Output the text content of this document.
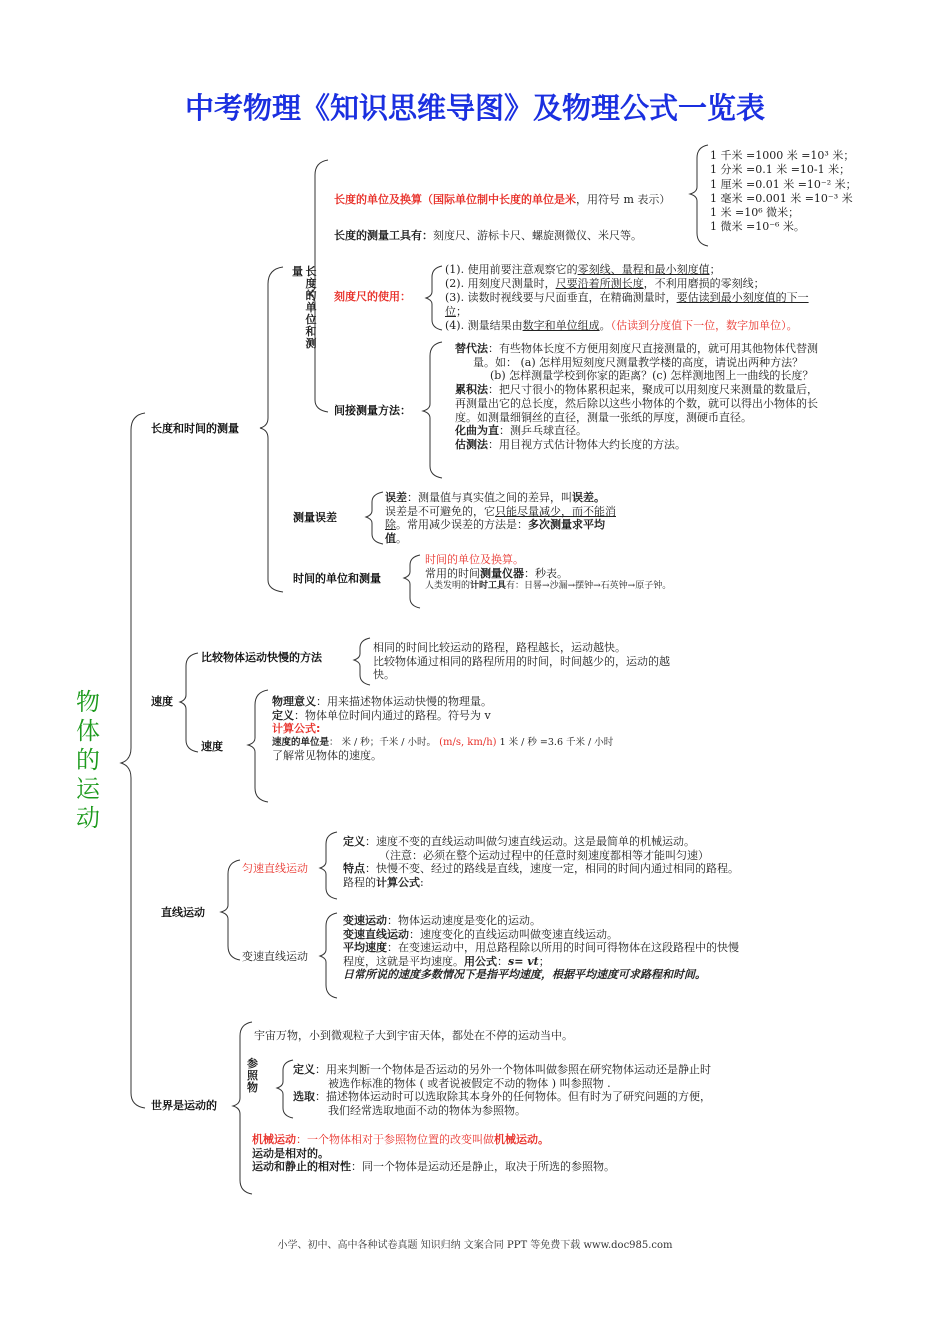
中考物理《知识思维导图》及物理公式一览表
物
体
的
运
动
长度和时间的测量
量 长度的单位和测
长度的单位及换算（国际单位制中长度的单位是米，用符号 m 表示）
长度的测量工具有：刻度尺、游标卡尺、螺旋测微仪、米尺等。
1 千米 =1000 米 =10³ 米；
1 分米 =0.1 米 =10-1 米；
1 厘米 =0.01 米 =10⁻² 米；
1 毫米 =0.001 米 =10⁻³ 米
1 米 =10⁶ 微米；
1 微米 =10⁻⁶ 米。
刻度尺的使用：
(1). 使用前要注意观察它的零刻线、量程和最小刻度值；
(2). 用刻度尺测量时，尺要沿着所测长度，不利用磨损的零刻线；
(3). 读数时视线要与尺面垂直，在精确测量时，要估读到最小刻度值的下一
位；
(4). 测量结果由数字和单位组成。（估读到分度值下一位，数字加单位）。
间接测量方法：
替代法：有些物体长度不方便用刻度尺直接测量的，就可用其他物体代替测
量。如： (a) 怎样用短刻度尺测量教学楼的高度，请说出两种方法？
(b) 怎样测量学校到你家的距离？(c) 怎样测地图上一曲线的长度？
累积法：把尺寸很小的物体累积起来，聚成可以用刻度尺来测量的数量后，
再测量出它的总长度，然后除以这些小物体的个数，就可以得出小物体的长
度。如测量细铜丝的直径，测量一张纸的厚度，测硬币直径。
化曲为直：测乒乓球直径。
估测法：用目视方式估计物体大约长度的方法。
测量误差
误差：测量值与真实值之间的差异，叫误差。
误差是不可避免的，它只能尽量减少，而不能消
除。常用减少误差的方法是：多次测量求平均
值。
时间的单位和测量
时间的单位及换算。
常用的时间测量仪器：秒表。
人类发明的计时工具有：日晷→沙漏→摆钟→石英钟→原子钟。
速度
比较物体运动快慢的方法
相同的时间比较运动的路程，路程越长，运动越快。
比较物体通过相同的路程所用的时间，时间越少的，运动的越
快。
速度
物理意义：用来描述物体运动快慢的物理量。
定义：物体单位时间内通过的路程。符号为 v
计算公式:
速度的单位是： 米 / 秒；千米 / 小时。 (m/s, km/h) 1 米 / 秒 =3.6 千米 / 小时
了解常见物体的速度。
直线运动
匀速直线运动
定义：速度不变的直线运动叫做匀速直线运动。这是最简单的机械运动。
（注意：必须在整个运动过程中的任意时刻速度都相等才能叫匀速）
特点：快慢不变、经过的路线是直线，速度一定，相同的时间内通过相同的路程。
路程的计算公式:
变速直线运动
变速运动：物体运动速度是变化的运动。
变速直线运动：速度变化的直线运动叫做变速直线运动。
平均速度：在变速运动中，用总路程除以所用的时间可得物体在这段路程中的快慢
程度，这就是平均速度。用公式：s= vt；
日常所说的速度多数情况下是指平均速度，根据平均速度可求路程和时间。
世界是运动的
宇宙万物，小到微观粒子大到宇宙天体，都处在不停的运动当中。
参
照
物
定义：用来判断一个物体是否运动的另外一个物体叫做参照在研究物体运动还是静止时
被选作标准的物体 ( 或者说被假定不动的物体 ) 叫参照物 .
选取：描述物体运动时可以选取除其本身外的任何物体。但有时为了研究问题的方便，
我们经常选取地面不动的物体为参照物。
机械运动：一个物体相对于参照物位置的改变叫做机械运动。
运动是相对的。
运动和静止的相对性：同一个物体是运动还是静止，取决于所选的参照物。
小学、初中、高中各种试卷真题 知识归纳 文案合同 PPT 等免费下载 www.doc985.com
